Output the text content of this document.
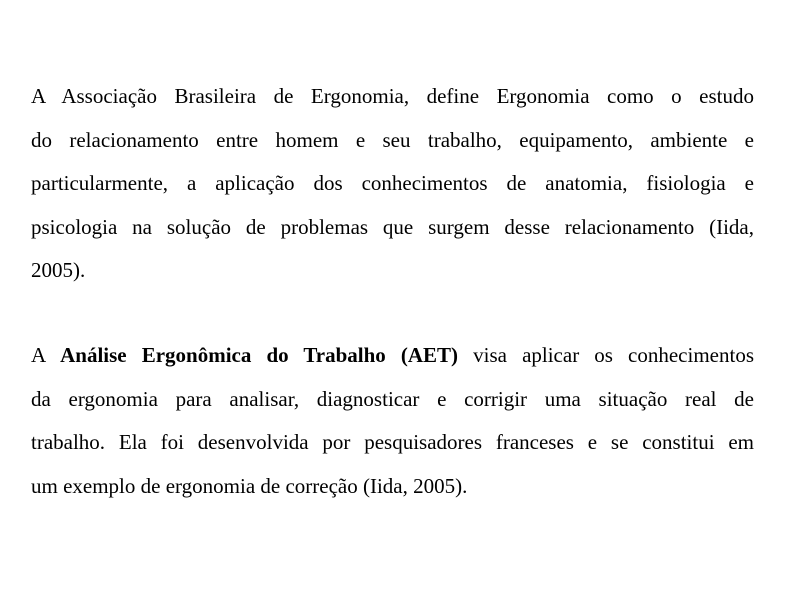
A Associação Brasileira de Ergonomia, define Ergonomia como o estudo
do relacionamento entre homem e seu trabalho, equipamento, ambiente e
particularmente, a aplicação dos conhecimentos de anatomia, fisiologia e
psicologia na solução de problemas que surgem desse relacionamento (Iida,
2005).
A Análise Ergonômica do Trabalho (AET) visa aplicar os conhecimentos
da ergonomia para analisar, diagnosticar e corrigir uma situação real de
trabalho. Ela foi desenvolvida por pesquisadores franceses e se constitui em
um exemplo de ergonomia de correção (Iida, 2005).
